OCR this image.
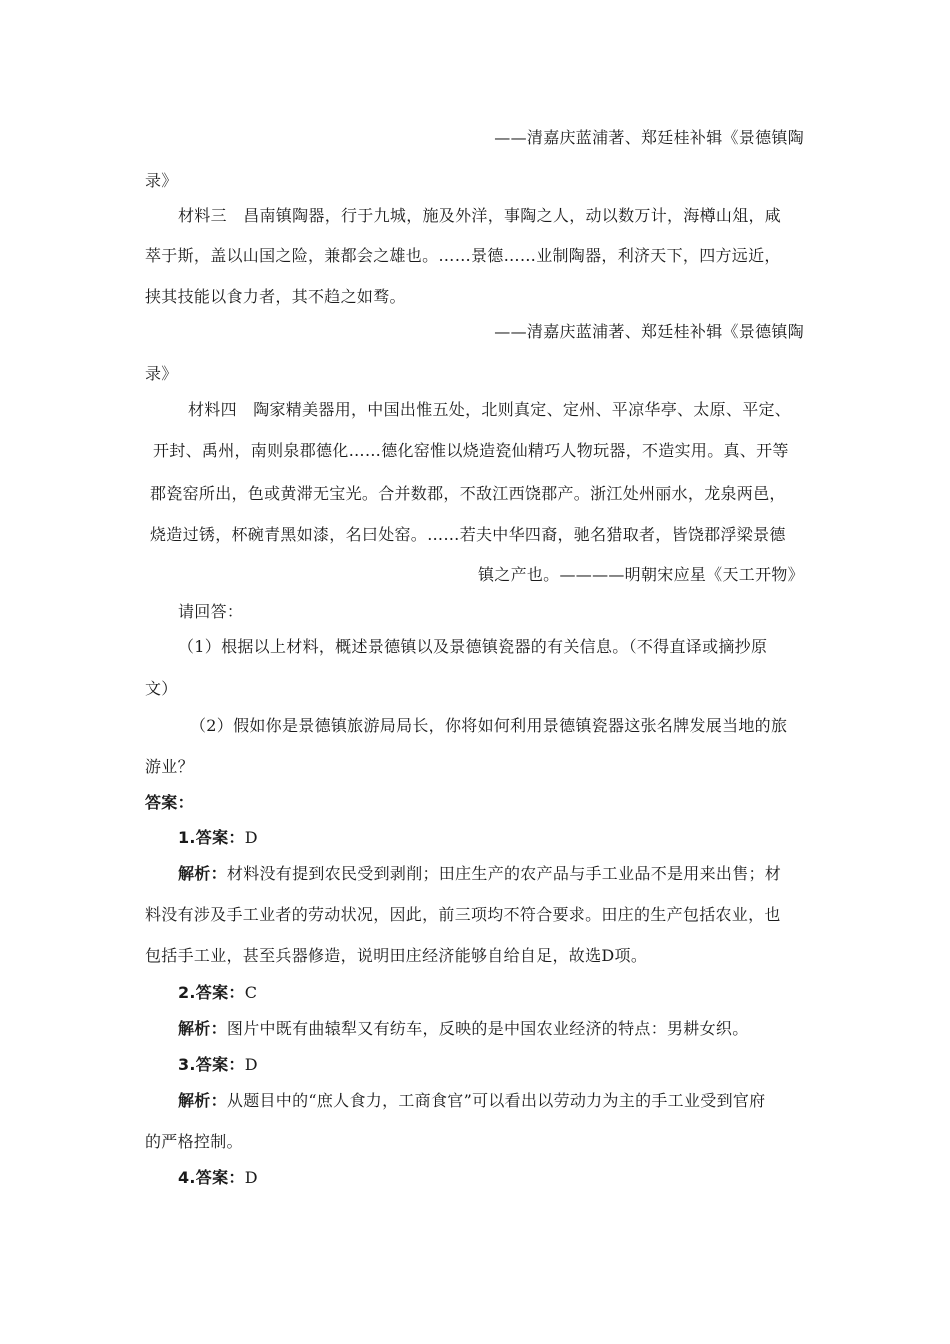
——清嘉庆蓝浦著、郑廷桂补辑《景德镇陶
录》
材料三　昌南镇陶器，行于九城，施及外洋，事陶之人，动以数万计，海樽山俎，咸
萃于斯，盖以山国之险，兼都会之雄也。……景德……业制陶器，利济天下，四方远近，
挟其技能以食力者，其不趋之如骛。
——清嘉庆蓝浦著、郑廷桂补辑《景德镇陶
录》
材料四　陶家精美器用，中国出惟五处，北则真定、定州、平凉华亭、太原、平定、
开封、禹州，南则泉郡德化……德化窑惟以烧造瓷仙精巧人物玩器，不造实用。真、开等
郡瓷窑所出，色或黄滞无宝光。合并数郡，不敌江西饶郡产。浙江处州丽水，龙泉两邑，
烧造过锈，杯碗青黑如漆，名曰处窑。……若夫中华四裔，驰名猎取者，皆饶郡浮梁景德
镇之产也。————明朝宋应星《天工开物》
请回答：
（1）根据以上材料，概述景德镇以及景德镇瓷器的有关信息。（不得直译或摘抄原
文）
（2）假如你是景德镇旅游局局长，你将如何利用景德镇瓷器这张名牌发展当地的旅
游业？
答案：
1.答案：D
解析：材料没有提到农民受到剥削；田庄生产的农产品与手工业品不是用来出售；材
料没有涉及手工业者的劳动状况，因此，前三项均不符合要求。田庄的生产包括农业，也
包括手工业，甚至兵器修造，说明田庄经济能够自给自足，故选D项。
2.答案：C
解析：图片中既有曲辕犁又有纺车，反映的是中国农业经济的特点：男耕女织。
3.答案：D
解析：从题目中的“庶人食力，工商食官”可以看出以劳动力为主的手工业受到官府
的严格控制。
4.答案：D
